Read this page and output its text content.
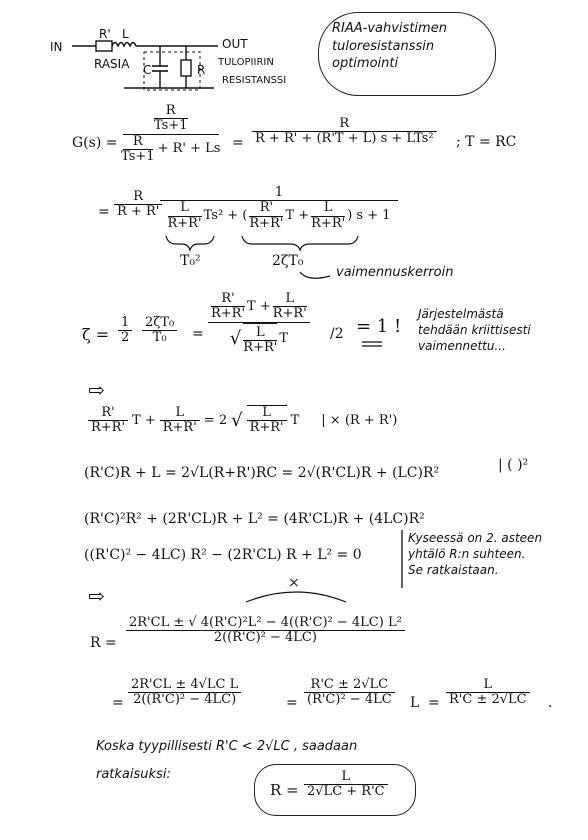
IN
R' L
OUT
RASIA C	R
TULOPIIRIN
RESISTANSSI
RIAA-vahvistimen
tuloresistanssin
optimointi
G(s) =
R
Ts+1
R
Ts+1
+ R' + Ls =
R
R + R' + (R'T + L) s + LTs² ; T = RC
=
R
R + R'
1
L
R+R'
Ts² + (
R'
R+R'
T +
L
R+R'
) s + 1
T₀²	2ζT₀
vaimennuskerroin
ζ =
1
2
2ζT₀
T₀ =
R'
R+R'
T +
L
R+R'
√ L
R+R'
T	/2 = 1 !
Järjestelmästä
tehdään kriittisesti
vaimennettu...
⇨
$\frac{R'}{R+R'}$ $T + \frac{L}{R+R'} = 2$ √ $\frac{L}{R+R'}$ T | × (R + R')
(R'C)R + L = 2√L(R+R')RC = 2√(R'CL)R + (LC)R²	| ( )²
(R'C)²R² + (2R'CL)R + L² = (4R'CL)R + (4LC)R²
((R'C)² − 4LC) R² − (2R'CL) R + L² = 0
Kyseessä on 2. asteen
yhtälö R:n suhteen.
Se ratkaistaan.
×
⇨
R =
2R'CL ± √ 4(R'C)²L² − 4((R'C)² − 4LC) L²
2((R'C)² − 4LC)
=
2R'CL ± 4√LC L
2((R'C)² − 4LC)	=
R'C ± 2√LC
(R'C)² − 4LC L =
L
R'C ± 2√LC .
Koska tyypillisesti R'C < 2√LC , saadaan
ratkaisuksi:
R =
L
2√LC + R'C
